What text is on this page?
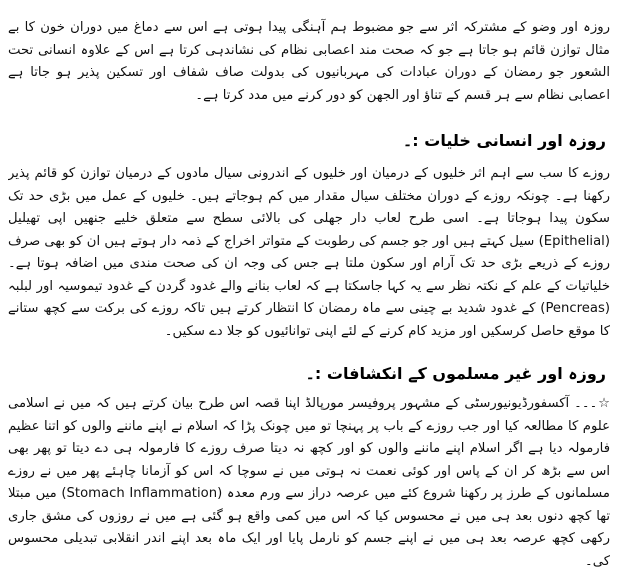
روزہ اور وضو کے مشترکہ اثر سے جو مضبوط ہم آہنگی پیدا ہوتی ہے اس سے دماغ میں دوران خون کا بے مثال توازن قائم ہو جاتا ہے جو کہ صحت مند اعصابی نظام کی نشاندہی کرتا ہے اس کے علاوہ انسانی تحت الشعور جو رمضان کے دوران عبادات کی مہربانیوں کی بدولت صاف شفاف اور تسکین پذیر ہو جاتا ہے اعصابی نظام سے ہر قسم کے تناؤ اور الجھن کو دور کرنے میں مدد کرتا ہے۔

روزہ اور انسانی خلیات :۔

روزے کا سب سے اہم اثر خلیوں کے درمیان اور خلیوں کے اندرونی سیال مادوں کے درمیان توازن کو قائم پذیر رکھنا ہے۔ چونکہ روزے کے دوران مختلف سیال مقدار میں کم ہوجاتے ہیں۔ خلیوں کے عمل میں بڑی حد تک سکون پیدا ہوجاتا ہے۔ اسی طرح لعاب دار جھلی کی بالائی سطح سے متعلق خلیے جنھیں اپی تھیلیل (Epithelial) سیل کہتے ہیں اور جو جسم کی رطوبت کے متواتر اخراج کے ذمہ دار ہوتے ہیں ان کو بھی صرف روزے کے ذریعے بڑی حد تک آرام اور سکون ملتا ہے جس کی وجہ ان کی صحت مندی میں اضافہ ہوتا ہے۔ خلیاتیات کے علم کے نکتہ نظر سے یہ کہا جاسکتا ہے کہ لعاب بنانے والے غدود گردن کے غدود تیموسیہ اور لبلبہ (Pencreas) کے غدود شدید بے چینی سے ماہ رمضان کا انتظار کرتے ہیں تاکہ روزے کی برکت سے کچھ ستانے کا موقع حاصل کرسکیں اور مزید کام کرنے کے لئے اپنی توانائیوں کو جلا دے سکیں۔

روزہ اور غیر مسلموں کے انکشافات :۔

☆۔۔۔ آکسفورڈیونیورسٹی کے مشہور پروفیسر مورپالڈ اپنا قصہ اس طرح بیان کرتے ہیں کہ میں نے اسلامی علوم کا مطالعہ کیا اور جب روزے کے باب پر پہنچا تو میں چونک پڑا کہ اسلام نے اپنے ماننے والوں کو اتنا عظیم فارمولہ دیا ہے اگر اسلام اپنے ماننے والوں کو اور کچھ نہ دیتا صرف روزے کا فارمولہ ہی دے دیتا تو پھر بھی اس سے بڑھ کر ان کے پاس اور کوئی نعمت نہ ہوتی میں نے سوچا کہ اس کو آزمانا چاہئے پھر میں نے روزے مسلمانوں کے طرز پر رکھنا شروع کئے میں عرصہ دراز سے ورم معدہ (Stomach Inflammation) میں مبتلا تھا کچھ دنوں بعد ہی میں نے محسوس کیا کہ اس میں کمی واقع ہو گئی ہے میں نے روزوں کی مشق جاری رکھی کچھ عرصہ بعد ہی میں نے اپنے جسم کو نارمل پایا اور ایک ماہ بعد اپنے اندر انقلابی تبدیلی محسوس کی۔
